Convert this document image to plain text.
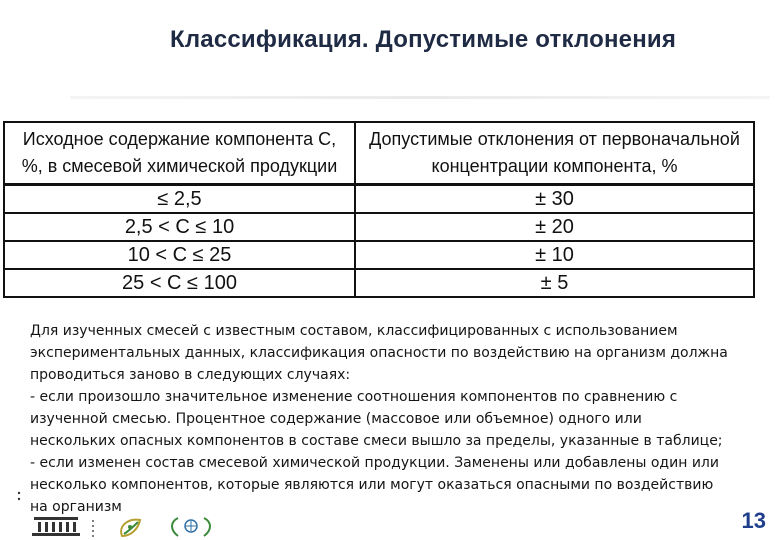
Классификация. Допустимые отклонения
Исходное содержание компонента С, %, в смесевой химической продукции	Допустимые отклонения от первоначальной концентрации компонента, %
≤ 2,5	± 30
2,5 < C ≤ 10	± 20
10 < C ≤ 25	± 10
25 < C ≤ 100	± 5

Для изученных смесей с известным составом, классифицированных с использованием

экспериментальных данных, классификация опасности по воздействию на организм должна

проводиться заново в следующих случаях:

- если произошло значительное изменение соотношения компонентов по сравнению с

изученной смесью. Процентное содержание (массовое или объемное) одного или

нескольких опасных компонентов в составе смеси вышло за пределы, указанные в таблице;

- если изменен состав смесевой химической продукции. Заменены или добавлены один или

несколько компонентов, которые являются или могут оказаться опасными по воздействию

на организм

13
